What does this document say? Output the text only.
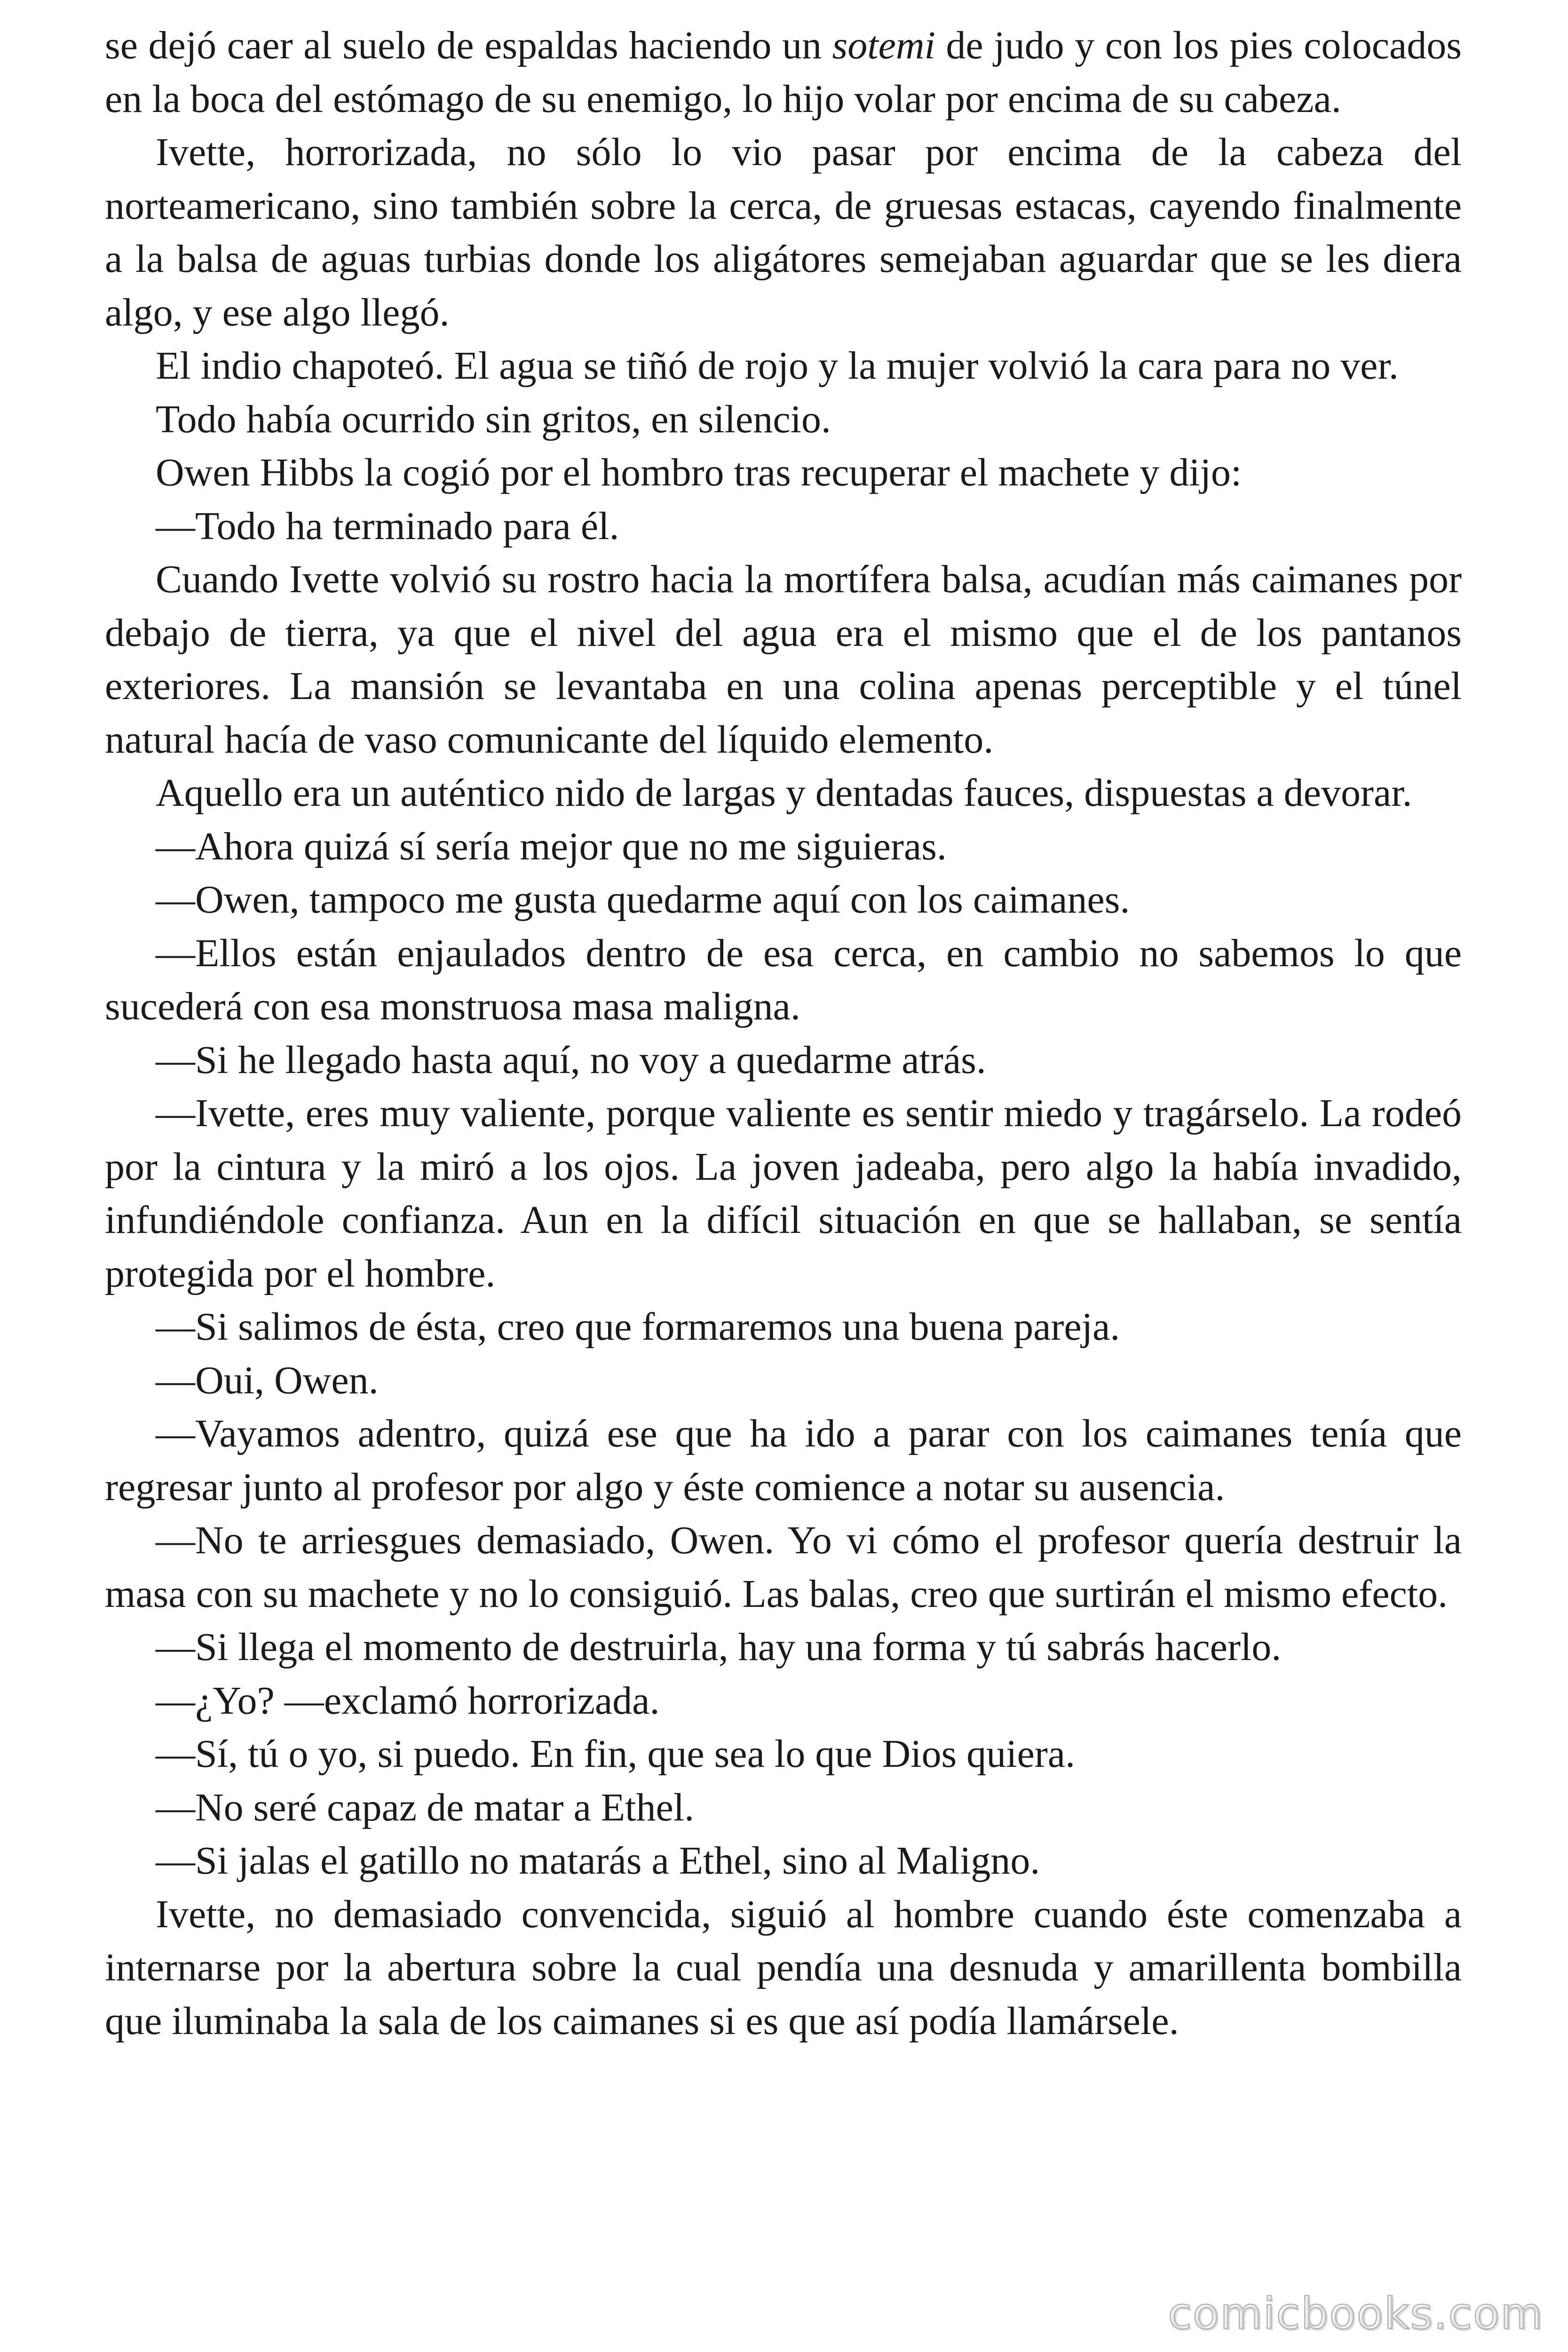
se dejó caer al suelo de espaldas haciendo un sotemi de judo y con los pies colocados en la boca del estómago de su enemigo, lo hijo volar por encima de su cabeza.

Ivette, horrorizada, no sólo lo vio pasar por encima de la cabeza del norteamericano, sino también sobre la cerca, de gruesas estacas, cayendo finalmente a la balsa de aguas turbias donde los aligátores semejaban aguardar que se les diera algo, y ese algo llegó.

El indio chapoteó. El agua se tiñó de rojo y la mujer volvió la cara para no ver.

Todo había ocurrido sin gritos, en silencio.

Owen Hibbs la cogió por el hombro tras recuperar el machete y dijo:

—Todo ha terminado para él.

Cuando Ivette volvió su rostro hacia la mortífera balsa, acudían más caimanes por debajo de tierra, ya que el nivel del agua era el mismo que el de los pantanos exteriores. La mansión se levantaba en una colina apenas perceptible y el túnel natural hacía de vaso comunicante del líquido elemento.

Aquello era un auténtico nido de largas y dentadas fauces, dispuestas a devorar.

—Ahora quizá sí sería mejor que no me siguieras.

—Owen, tampoco me gusta quedarme aquí con los caimanes.

—Ellos están enjaulados dentro de esa cerca, en cambio no sabemos lo que sucederá con esa monstruosa masa maligna.

—Si he llegado hasta aquí, no voy a quedarme atrás.

—Ivette, eres muy valiente, porque valiente es sentir miedo y tragárselo. La rodeó por la cintura y la miró a los ojos. La joven jadeaba, pero algo la había invadido, infundiéndole confianza. Aun en la difícil situación en que se hallaban, se sentía protegida por el hombre.

—Si salimos de ésta, creo que formaremos una buena pareja.

—Oui, Owen.

—Vayamos adentro, quizá ese que ha ido a parar con los caimanes tenía que regresar junto al profesor por algo y éste comience a notar su ausencia.

—No te arriesgues demasiado, Owen. Yo vi cómo el profesor quería destruir la masa con su machete y no lo consiguió. Las balas, creo que surtirán el mismo efecto.

—Si llega el momento de destruirla, hay una forma y tú sabrás hacerlo.

—¿Yo? —exclamó horrorizada.

—Sí, tú o yo, si puedo. En fin, que sea lo que Dios quiera.

—No seré capaz de matar a Ethel.

—Si jalas el gatillo no matarás a Ethel, sino al Maligno.

Ivette, no demasiado convencida, siguió al hombre cuando éste comenzaba a internarse por la abertura sobre la cual pendía una desnuda y amarillenta bombilla que iluminaba la sala de los caimanes si es que así podía llamársele.

comicbooks.com
